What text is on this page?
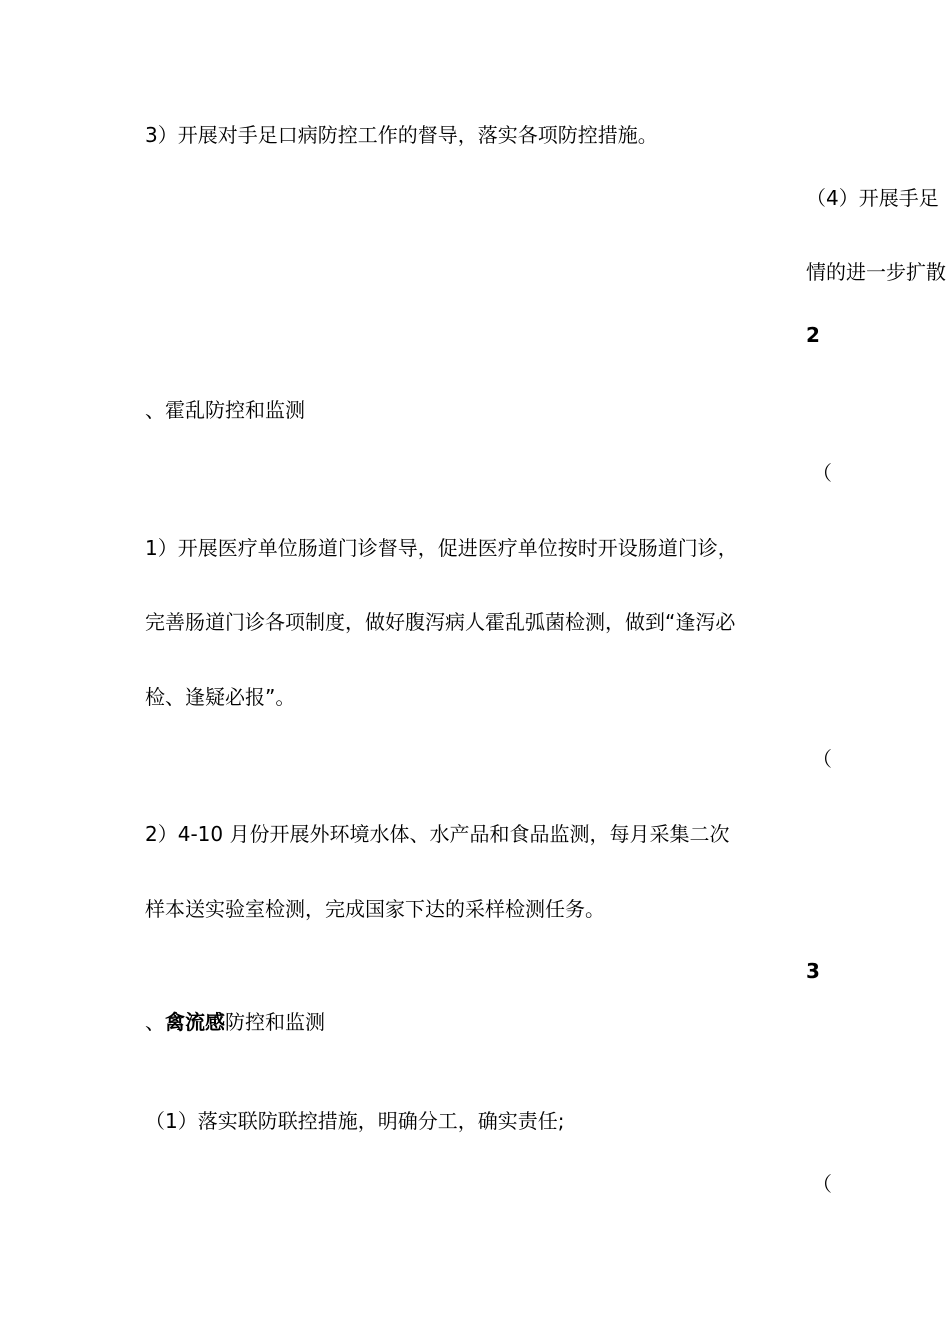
3）开展对手足口病防控工作的督导，落实各项防控措施。
（4）开展手足
情的进一步扩散
2
、霍乱防控和监测
（
1）开展医疗单位肠道门诊督导，促进医疗单位按时开设肠道门诊，
完善肠道门诊各项制度，做好腹泻病人霍乱弧菌检测，做到“逢泻必
检、逢疑必报”。
（
2）4-10 月份开展外环境水体、水产品和食品监测，每月采集二次
样本送实验室检测，完成国家下达的采样检测任务。
3
、禽流感防控和监测
（1）落实联防联控措施，明确分工，确实责任;
（
